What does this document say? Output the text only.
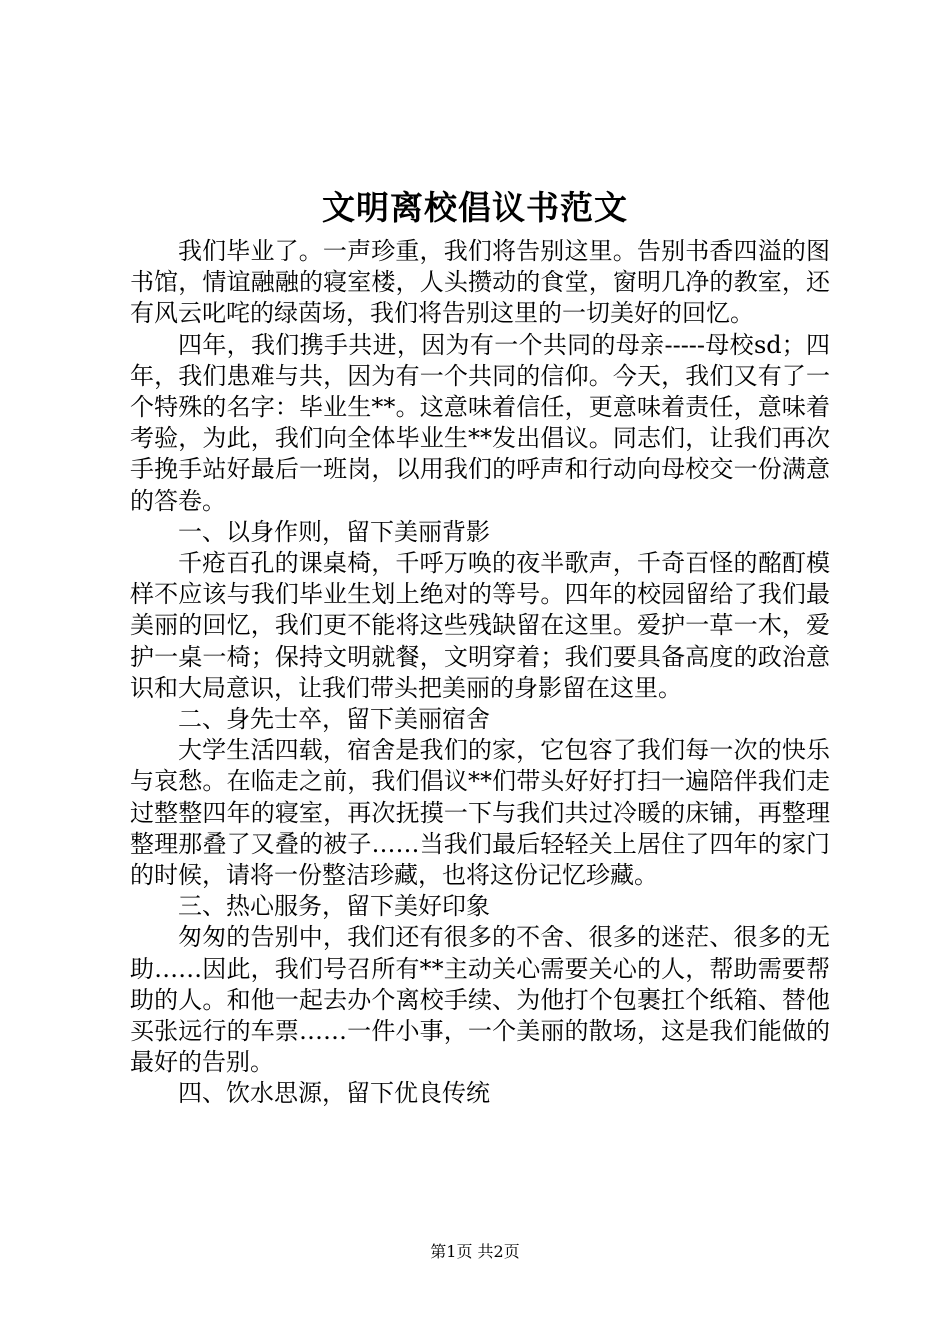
文明离校倡议书范文

我们毕业了。一声珍重，我们将告别这里。告别书香四溢的图书馆，情谊融融的寝室楼，人头攒动的食堂，窗明几净的教室，还有风云叱咤的绿茵场，我们将告别这里的一切美好的回忆。

四年，我们携手共进，因为有一个共同的母亲-----母校sd；四年，我们患难与共，因为有一个共同的信仰。今天，我们又有了一个特殊的名字：毕业生**。这意味着信任，更意味着责任，意味着考验，为此，我们向全体毕业生**发出倡议。同志们，让我们再次手挽手站好最后一班岗，以用我们的呼声和行动向母校交一份满意的答卷。

一、以身作则，留下美丽背影

千疮百孔的课桌椅，千呼万唤的夜半歌声，千奇百怪的酩酊模样不应该与我们毕业生划上绝对的等号。四年的校园留给了我们最美丽的回忆，我们更不能将这些残缺留在这里。爱护一草一木，爱护一桌一椅；保持文明就餐，文明穿着；我们要具备高度的政治意识和大局意识，让我们带头把美丽的身影留在这里。

二、身先士卒，留下美丽宿舍

大学生活四载，宿舍是我们的家，它包容了我们每一次的快乐与哀愁。在临走之前，我们倡议**们带头好好打扫一遍陪伴我们走过整整四年的寝室，再次抚摸一下与我们共过冷暖的床铺，再整理整理那叠了又叠的被子……当我们最后轻轻关上居住了四年的家门的时候，请将一份整洁珍藏，也将这份记忆珍藏。

三、热心服务，留下美好印象

匆匆的告别中，我们还有很多的不舍、很多的迷茫、很多的无助……因此，我们号召所有**主动关心需要关心的人，帮助需要帮助的人。和他一起去办个离校手续、为他打个包裹扛个纸箱、替他买张远行的车票……一件小事，一个美丽的散场，这是我们能做的最好的告别。

四、饮水思源，留下优良传统

第1页 共2页
